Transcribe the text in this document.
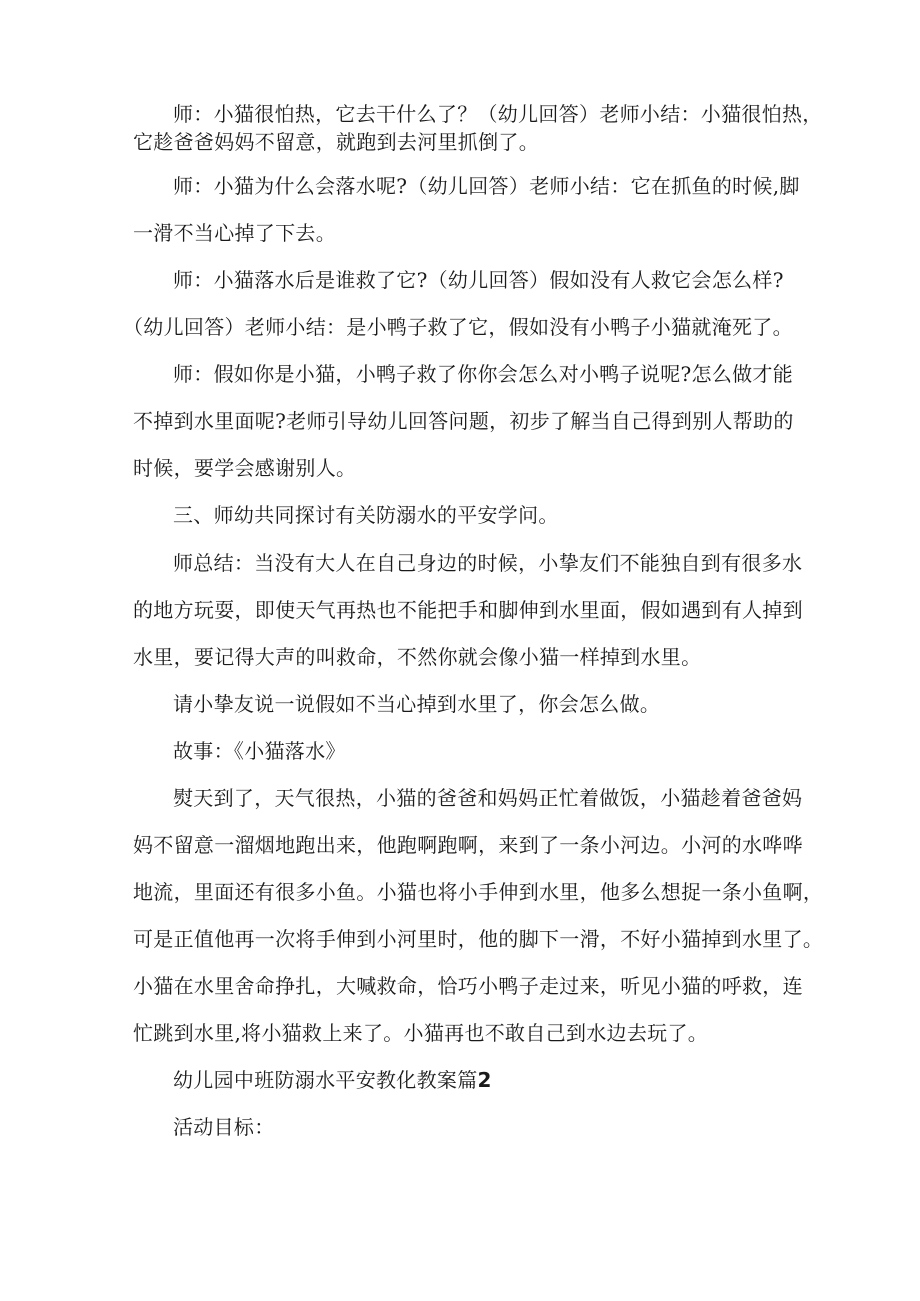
师：小猫很怕热，它去干什么了？（幼儿回答）老师小结：小猫很怕热，
它趁爸爸妈妈不留意，就跑到去河里抓倒了。

师：小猫为什么会落水呢?（幼儿回答）老师小结：它在抓鱼的时候,脚
一滑不当心掉了下去。

师：小猫落水后是谁救了它?（幼儿回答）假如没有人救它会怎么样?
（幼儿回答）老师小结：是小鸭子救了它，假如没有小鸭子小猫就淹死了。

师：假如你是小猫，小鸭子救了你你会怎么对小鸭子说呢?怎么做才能
不掉到水里面呢?老师引导幼儿回答问题，初步了解当自己得到别人帮助的
时候，要学会感谢别人。

三、师幼共同探讨有关防溺水的平安学问。

师总结：当没有大人在自己身边的时候，小挚友们不能独自到有很多水
的地方玩耍，即使天气再热也不能把手和脚伸到水里面，假如遇到有人掉到
水里，要记得大声的叫救命，不然你就会像小猫一样掉到水里。

请小挚友说一说假如不当心掉到水里了，你会怎么做。

故事：《小猫落水》

熨天到了，天气很热，小猫的爸爸和妈妈正忙着做饭，小猫趁着爸爸妈
妈不留意一溜烟地跑出来，他跑啊跑啊，来到了一条小河边。小河的水哗哗
地流，里面还有很多小鱼。小猫也将小手伸到水里，他多么想捉一条小鱼啊，
可是正值他再一次将手伸到小河里时，他的脚下一滑，不好小猫掉到水里了。
小猫在水里舍命挣扎，大喊救命，恰巧小鸭子走过来，听见小猫的呼救，连
忙跳到水里,将小猫救上来了。小猫再也不敢自己到水边去玩了。

幼儿园中班防溺水平安教化教案篇2

活动目标：
